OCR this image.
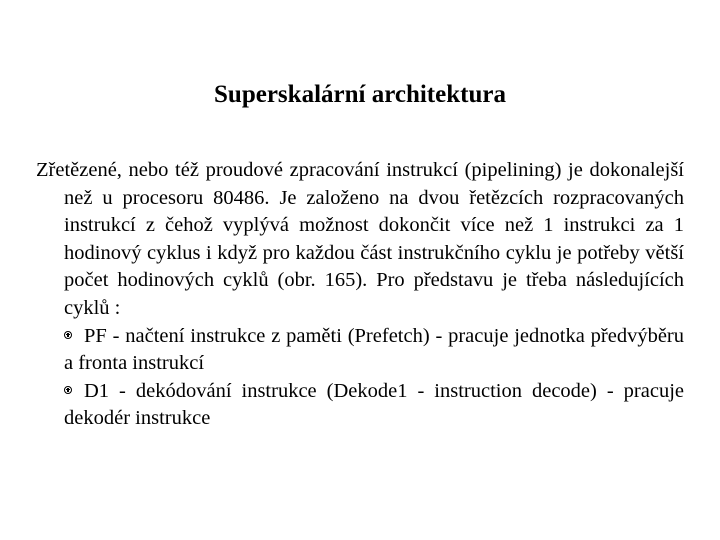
Superskalární architektura

Zřetězené, nebo též proudové zpracování instrukcí (pipelining) je dokonalejší než u procesoru 80486. Je založeno na dvou řetězcích rozpracovaných instrukcí z čehož vyplývá možnost dokončit více než 1 instrukci za 1 hodinový cyklus i když pro každou část instrukčního cyklu je potřeby větší počet hodinových cyklů (obr. 165). Pro představu je třeba následujících cyklů :

PF - načtení instrukce z paměti (Prefetch) - pracuje jednotka předvýběru a fronta instrukcí
D1 - dekódování instrukce (Dekode1 - instruction decode) - pracuje dekodér instrukce
